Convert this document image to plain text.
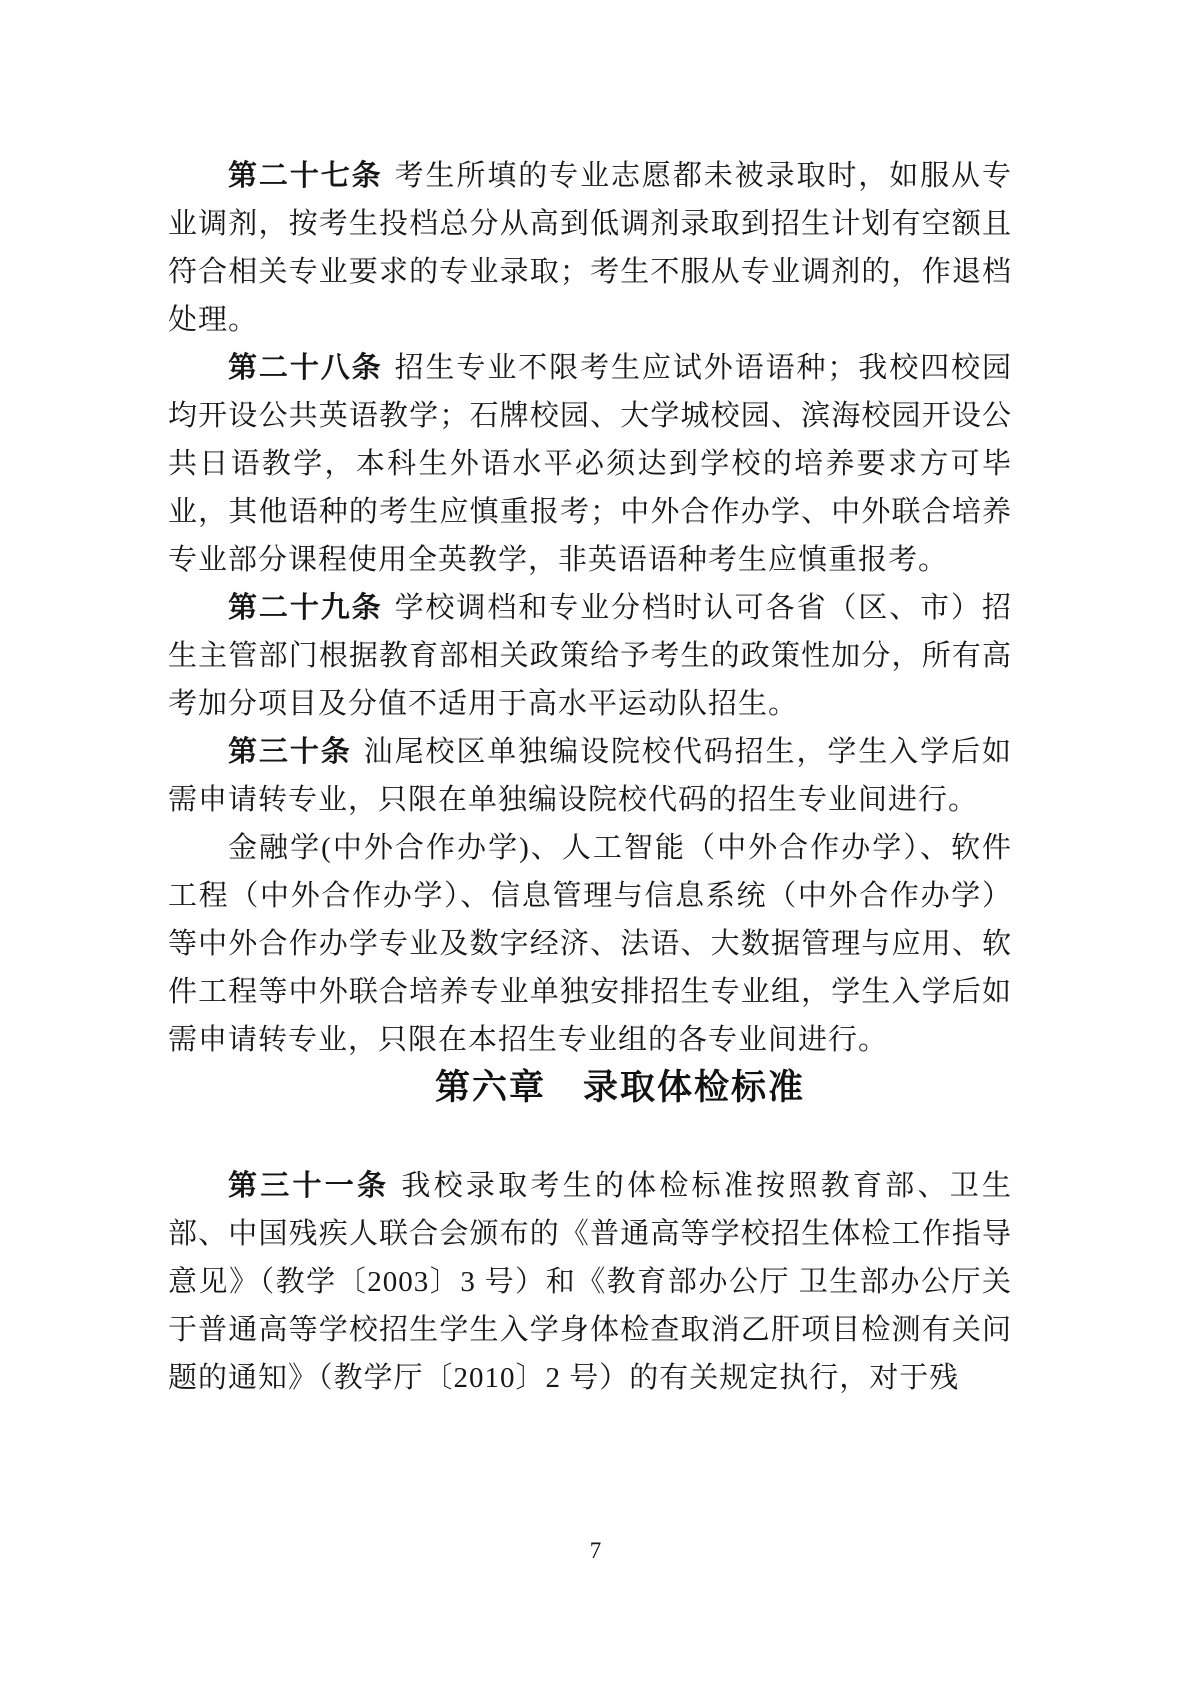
第二十七条 考生所填的专业志愿都未被录取时，如服从专业调剂，按考生投档总分从高到低调剂录取到招生计划有空额且符合相关专业要求的专业录取；考生不服从专业调剂的，作退档处理。

第二十八条 招生专业不限考生应试外语语种；我校四校园均开设公共英语教学；石牌校园、大学城校园、滨海校园开设公共日语教学，本科生外语水平必须达到学校的培养要求方可毕业，其他语种的考生应慎重报考；中外合作办学、中外联合培养专业部分课程使用全英教学，非英语语种考生应慎重报考。

第二十九条 学校调档和专业分档时认可各省（区、市）招生主管部门根据教育部相关政策给予考生的政策性加分，所有高考加分项目及分值不适用于高水平运动队招生。

第三十条 汕尾校区单独编设院校代码招生，学生入学后如需申请转专业，只限在单独编设院校代码的招生专业间进行。

金融学(中外合作办学)、人工智能（中外合作办学）、软件工程（中外合作办学）、信息管理与信息系统（中外合作办学）等中外合作办学专业及数字经济、法语、大数据管理与应用、软件工程等中外联合培养专业单独安排招生专业组，学生入学后如需申请转专业，只限在本招生专业组的各专业间进行。

第六章　录取体检标准

第三十一条 我校录取考生的体检标准按照教育部、卫生部、中国残疾人联合会颁布的《普通高等学校招生体检工作指导意见》（教学〔2003〕3 号）和《教育部办公厅 卫生部办公厅关于普通高等学校招生学生入学身体检查取消乙肝项目检测有关问题的通知》（教学厅〔2010〕2 号）的有关规定执行，对于残

7
